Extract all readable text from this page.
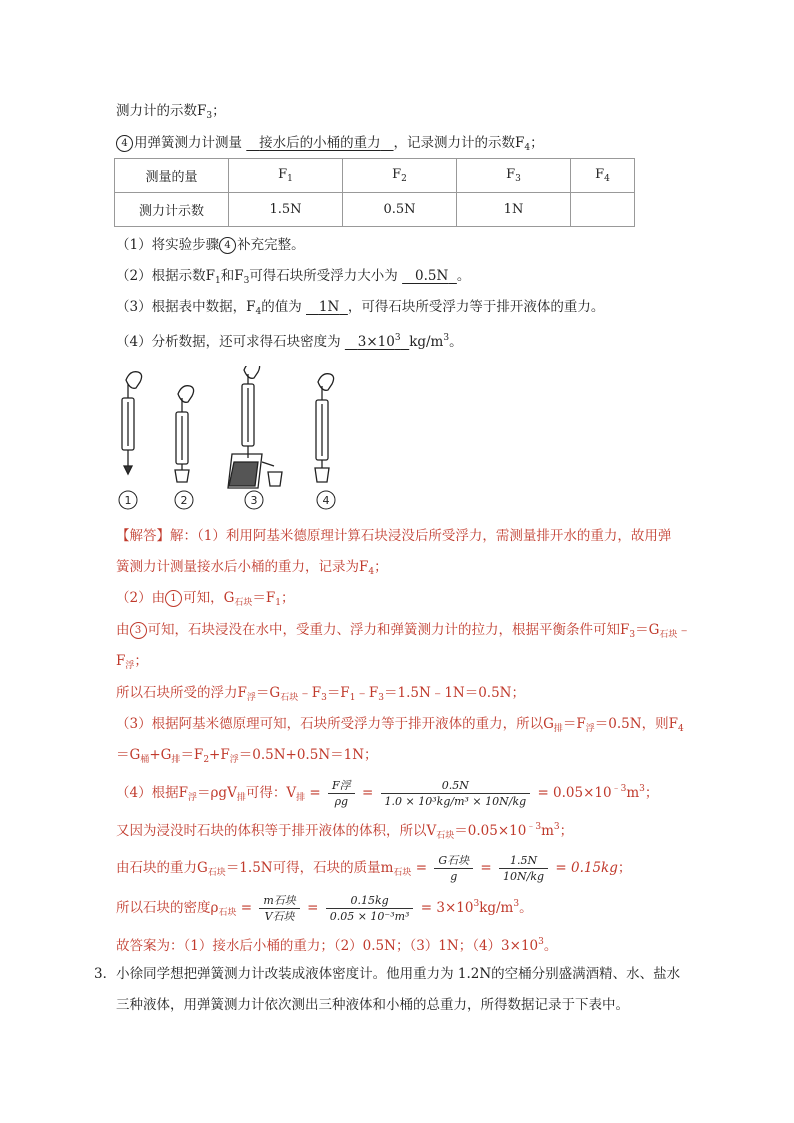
测力计的示数$F_3$；
4 用弹簧测力计测量 接水后的小桶的重力 ，记录测力计的示数$F_4$；
测量的量	$F_1$	$F_2$	$F_3$	$F_4$
测力计示数	1.5N	0.5N	1N	
（1）将实验步骤 4 补充完整。
（2）根据示数$F_1$和$F_3$可得石块所受浮力大小为 0.5N 。
（3）根据表中数据，$F_4$的值为 1N ，可得石块所受浮力等于排开液体的重力。
（4）分析数据，还可求得石块密度为 $3\times 10^3$ $kg/m^3$。
1	2	3	4
【解答】解：（1）利用阿基米德原理计算石块浸没后所受浮力，需测量排开水的重力，故用弹
簧测力计测量接水后小桶的重力，记录为$F_4$；
（2）由 1 可知，$G_{石块}=F_1$；
由 3 可知，石块浸没在水中，受重力、浮力和弹簧测力计的拉力，根据平衡条件可知$F_3=G_{石块}﹣$
$F_浮$；
所以石块所受的浮力$F_浮=G_{石块}﹣F_3=F_1﹣F_3=1.5N﹣1N=0.5N$；
（3）根据阿基米德原理可知，石块所受浮力等于排开液体的重力，所以$G_排=F_浮=0.5N$，则$F_4$
$=G_桶+G_排=F_2+F_浮=0.5N+0.5N=1N$；
（4）根据$F_浮=\rho gV_排$可得：$V_排 = \frac{\text{F浮}}{\rho g} = \frac{0.5N}{\text{1.0 × 10³kg/m³ × 10N/kg}} = 0.05\times 10^{﹣3}m^3$；
又因为浸没时石块的体积等于排开液体的体积，所以$V_{石块}=0.05\times 10^{﹣3}m^3$；
由石块的重力$G_{石块}=1.5N$可得，石块的质量$m_{石块} = \frac{\text{G石块}}{g} = \frac{1.5N}{10N/kg} = 0.15kg$；
所以石块的密度$\rho_{石块} = \frac{\text{m石块}}{\text{V石块}} = \frac{0.15kg}{\text{0.05 × 10⁻³m³}} = 3\times 10^3kg/m^3$。
故答案为：（1）接水后小桶的重力；（2）0.5N；（3）1N；$(4)3\times 10^3$。
3．小徐同学想把弹簧测力计改装成液体密度计。他用重力为 1.2N的空桶分别盛满酒精、水、盐水
三种液体，用弹簧测力计依次测出三种液体和小桶的总重力，所得数据记录于下表中。
